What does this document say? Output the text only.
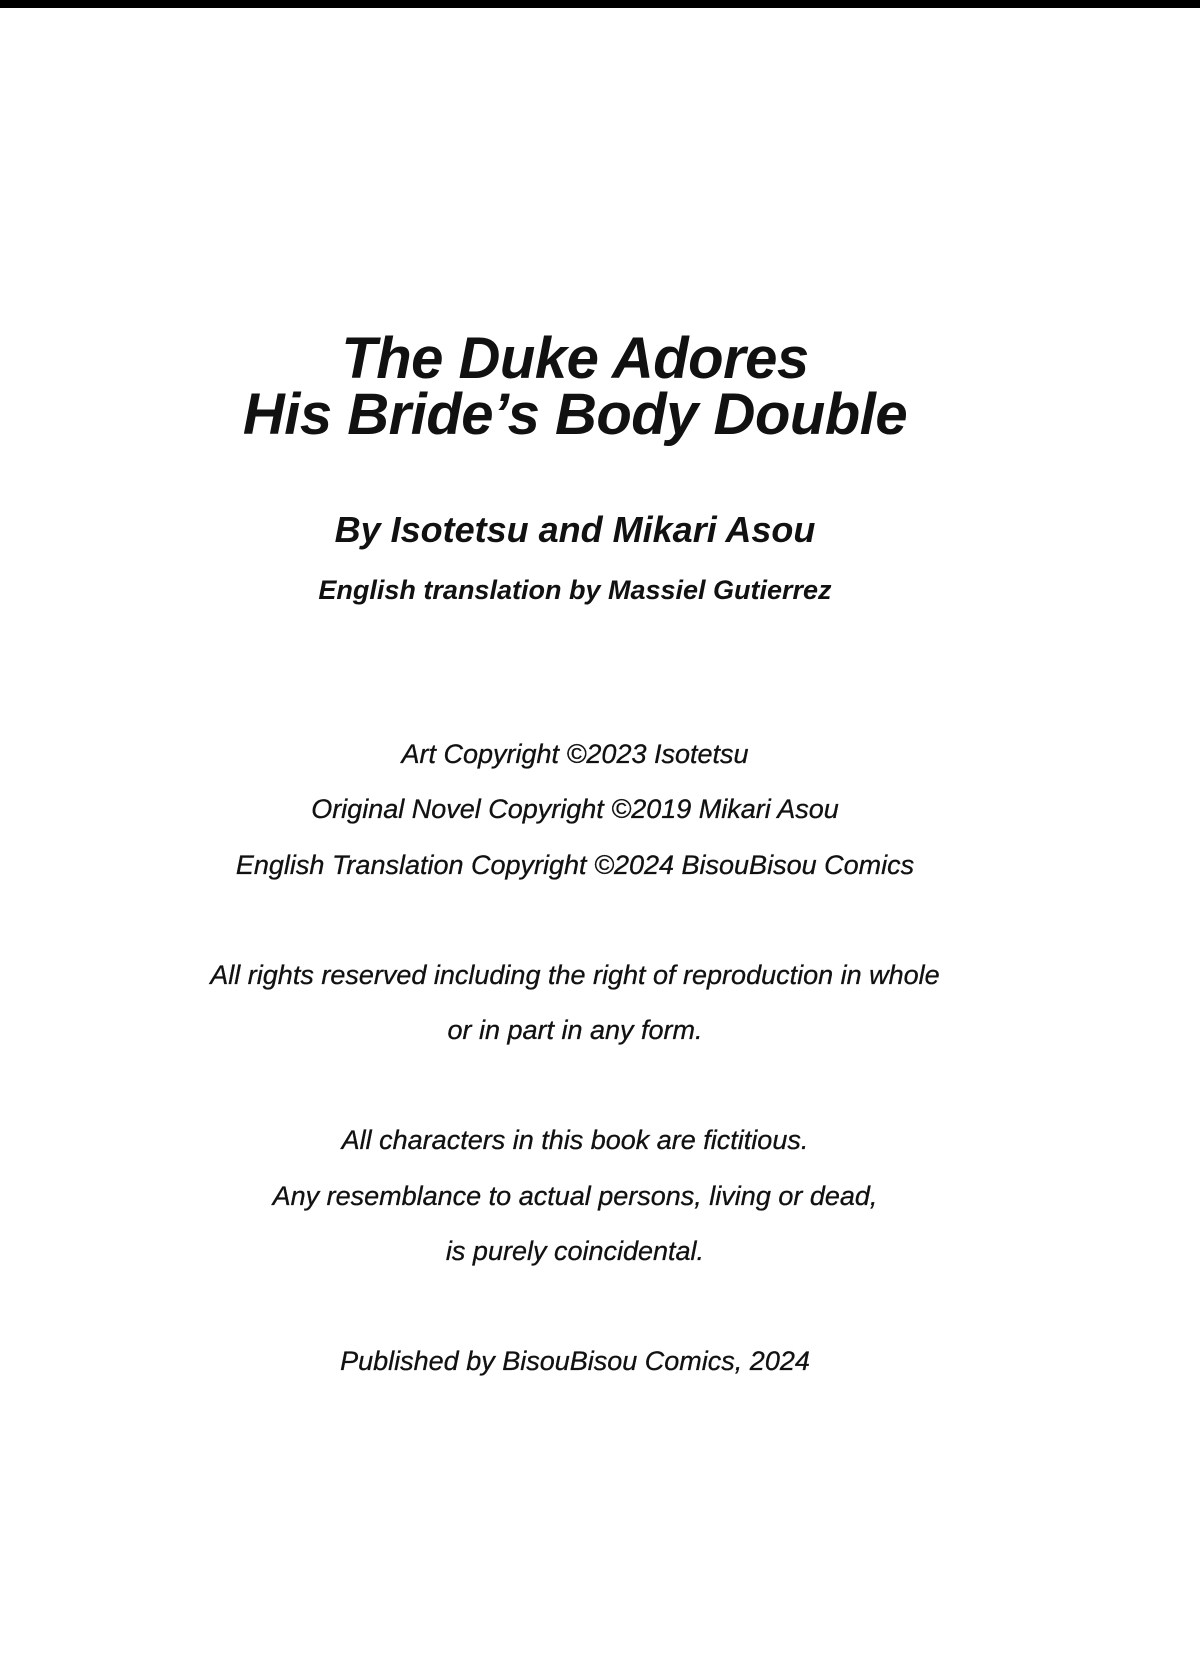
The Duke Adores
His Bride’s Body Double
By Isotetsu and Mikari Asou
English translation by Massiel Gutierrez
Art Copyright ©2023 Isotetsu
Original Novel Copyright ©2019 Mikari Asou
English Translation Copyright ©2024 BisouBisou Comics
All rights reserved including the right of reproduction in whole
or in part in any form.
All characters in this book are fictitious.
Any resemblance to actual persons, living or dead,
is purely coincidental.
Published by BisouBisou Comics, 2024
